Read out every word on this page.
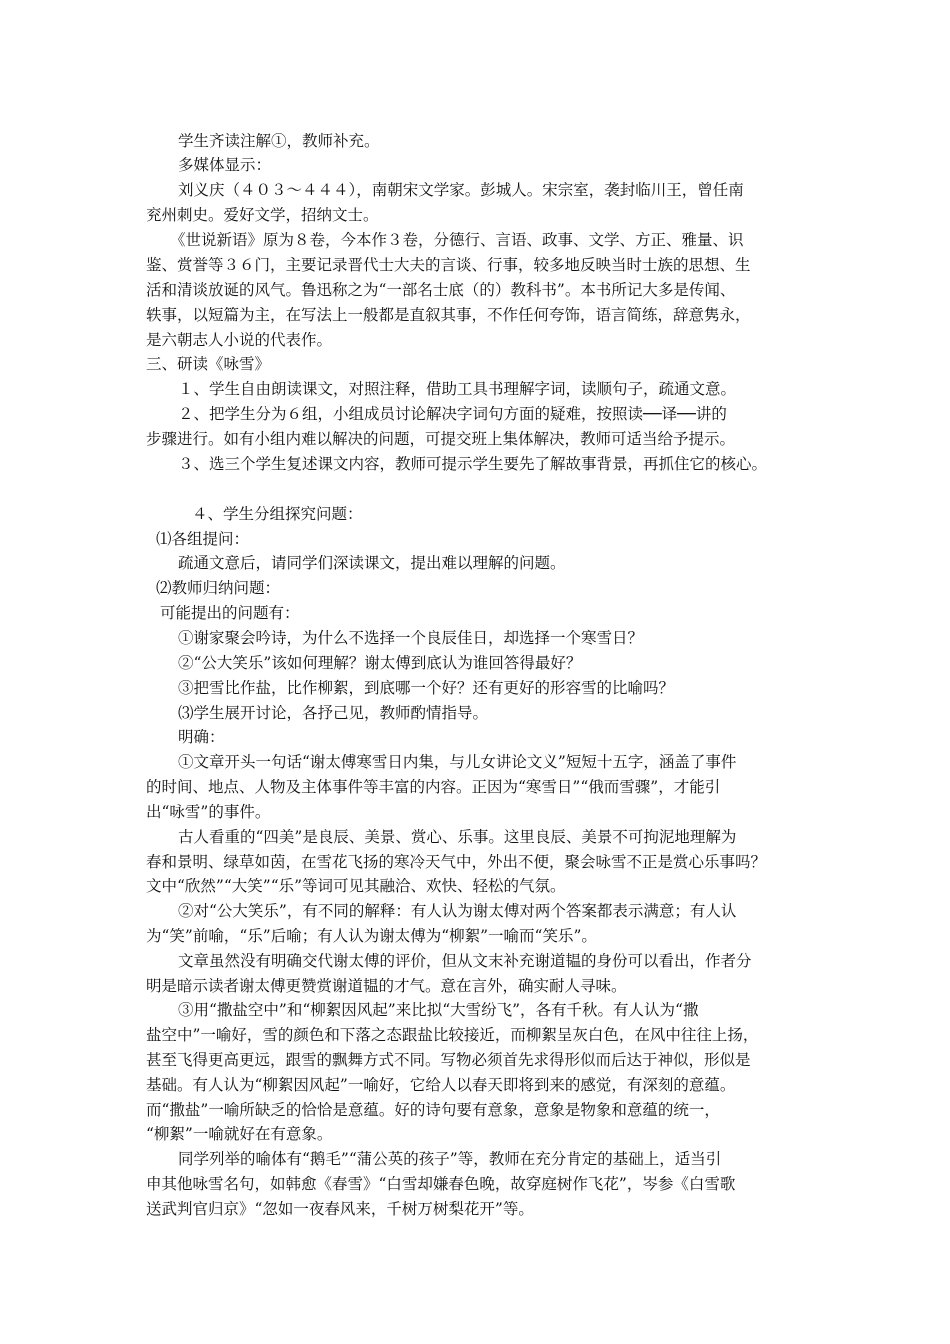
学生齐读注解①，教师补充。
多媒体显示：
刘义庆（４０３～４４４），南朝宋文学家。彭城人。宋宗室，袭封临川王，曾任南
兖州刺史。爱好文学，招纳文士。
《世说新语》原为８卷，今本作３卷，分德行、言语、政事、文学、方正、雅量、识
鉴、赏誉等３６门，主要记录晋代士大夫的言谈、行事，较多地反映当时士族的思想、生
活和清谈放诞的风气。鲁迅称之为“一部名士底（的）教科书”。本书所记大多是传闻、
轶事，以短篇为主，在写法上一般都是直叙其事，不作任何夸饰，语言简练，辞意隽永，
是六朝志人小说的代表作。
三、研读《咏雪》
１、学生自由朗读课文，对照注释，借助工具书理解字词，读顺句子，疏通文意。
２、把学生分为６组，小组成员讨论解决字词句方面的疑难，按照读──译──讲的
步骤进行。如有小组内难以解决的问题，可提交班上集体解决，教师可适当给予提示。
３、选三个学生复述课文内容，教师可提示学生要先了解故事背景，再抓住它的核心。
４、学生分组探究问题：
⑴各组提问：
疏通文意后，请同学们深读课文，提出难以理解的问题。
⑵教师归纳问题：
可能提出的问题有：
①谢家聚会吟诗，为什么不选择一个良辰佳日，却选择一个寒雪日？
②“公大笑乐”该如何理解？谢太傅到底认为谁回答得最好？
③把雪比作盐，比作柳絮，到底哪一个好？还有更好的形容雪的比喻吗？
⑶学生展开讨论，各抒己见，教师酌情指导。
明确：
①文章开头一句话“谢太傅寒雪日内集，与儿女讲论文义”短短十五字，涵盖了事件
的时间、地点、人物及主体事件等丰富的内容。正因为“寒雪日”“俄而雪骤”，才能引
出“咏雪”的事件。
古人看重的“四美”是良辰、美景、赏心、乐事。这里良辰、美景不可拘泥地理解为
春和景明、绿草如茵，在雪花飞扬的寒冷天气中，外出不便，聚会咏雪不正是赏心乐事吗？
文中“欣然”“大笑”“乐”等词可见其融洽、欢快、轻松的气氛。
②对“公大笑乐”，有不同的解释：有人认为谢太傅对两个答案都表示满意；有人认
为“笑”前喻，“乐”后喻；有人认为谢太傅为“柳絮”一喻而“笑乐”。
文章虽然没有明确交代谢太傅的评价，但从文末补充谢道韫的身份可以看出，作者分
明是暗示读者谢太傅更赞赏谢道韫的才气。意在言外，确实耐人寻味。
③用“撒盐空中”和“柳絮因风起”来比拟“大雪纷飞”，各有千秋。有人认为“撒
盐空中”一喻好，雪的颜色和下落之态跟盐比较接近，而柳絮呈灰白色，在风中往往上扬，
甚至飞得更高更远，跟雪的飘舞方式不同。写物必须首先求得形似而后达于神似，形似是
基础。有人认为“柳絮因风起”一喻好，它给人以春天即将到来的感觉，有深刻的意蕴。
而“撒盐”一喻所缺乏的恰恰是意蕴。好的诗句要有意象，意象是物象和意蕴的统一，
“柳絮”一喻就好在有意象。
同学列举的喻体有“鹅毛”“蒲公英的孩子”等，教师在充分肯定的基础上，适当引
申其他咏雪名句，如韩愈《春雪》“白雪却嫌春色晚，故穿庭树作飞花”，岑参《白雪歌
送武判官归京》“忽如一夜春风来，千树万树梨花开”等。
